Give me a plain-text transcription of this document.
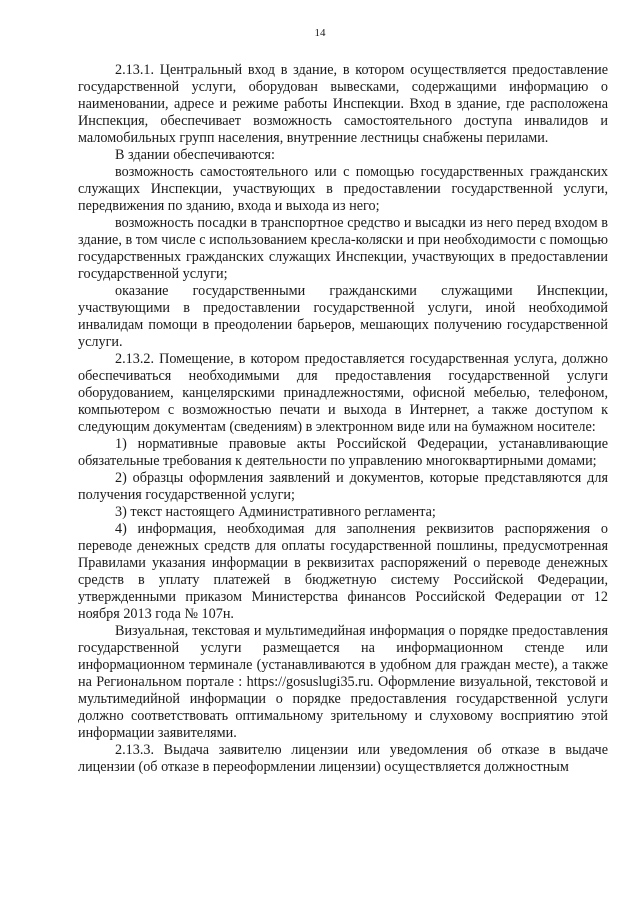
14

2.13.1. Центральный вход в здание, в котором осуществляется предоставление государственной услуги, оборудован вывесками, содержащими информацию о наименовании, адресе и режиме работы Инспекции. Вход в здание, где расположена Инспекция, обеспечивает возможность самостоятельного доступа инвалидов и маломобильных групп населения, внутренние лестницы снабжены перилами.

В здании обеспечиваются:

возможность самостоятельного или с помощью государственных гражданских служащих Инспекции, участвующих в предоставлении государственной услуги, передвижения по зданию, входа и выхода из него;

возможность посадки в транспортное средство и высадки из него перед входом в здание, в том числе с использованием кресла-коляски и при необходимости с помощью государственных гражданских служащих Инспекции, участвующих в предоставлении государственной услуги;

оказание государственными гражданскими служащими Инспекции, участвующими в предоставлении государственной услуги, иной необходимой инвалидам помощи в преодолении барьеров, мешающих получению государственной услуги.

2.13.2. Помещение, в котором предоставляется государственная услуга, должно обеспечиваться необходимыми для предоставления государственной услуги оборудованием, канцелярскими принадлежностями, офисной мебелью, телефоном, компьютером с возможностью печати и выхода в Интернет, а также доступом к следующим документам (сведениям) в электронном виде или на бумажном носителе:

1) нормативные правовые акты Российской Федерации, устанавливающие обязательные требования к деятельности по управлению многоквартирными домами;

2) образцы оформления заявлений и документов, которые представляются для получения государственной услуги;

3) текст настоящего Административного регламента;

4) информация, необходимая для заполнения реквизитов распоряжения о переводе денежных средств для оплаты государственной пошлины, предусмотренная Правилами указания информации в реквизитах распоряжений о переводе денежных средств в уплату платежей в бюджетную систему Российской Федерации, утвержденными приказом Министерства финансов Российской Федерации от 12 ноября 2013 года № 107н.

Визуальная, текстовая и мультимедийная информация о порядке предоставления государственной услуги размещается на информационном стенде или информационном терминале (устанавливаются в удобном для граждан месте), а также на Региональном портале : https://gosuslugi35.ru. Оформление визуальной, текстовой и мультимедийной информации о порядке предоставления государственной услуги должно соответствовать оптимальному зрительному и слуховому восприятию этой информации заявителями.

2.13.3. Выдача заявителю лицензии или уведомления об отказе в выдаче лицензии (об отказе в переоформлении лицензии) осуществляется должностным
